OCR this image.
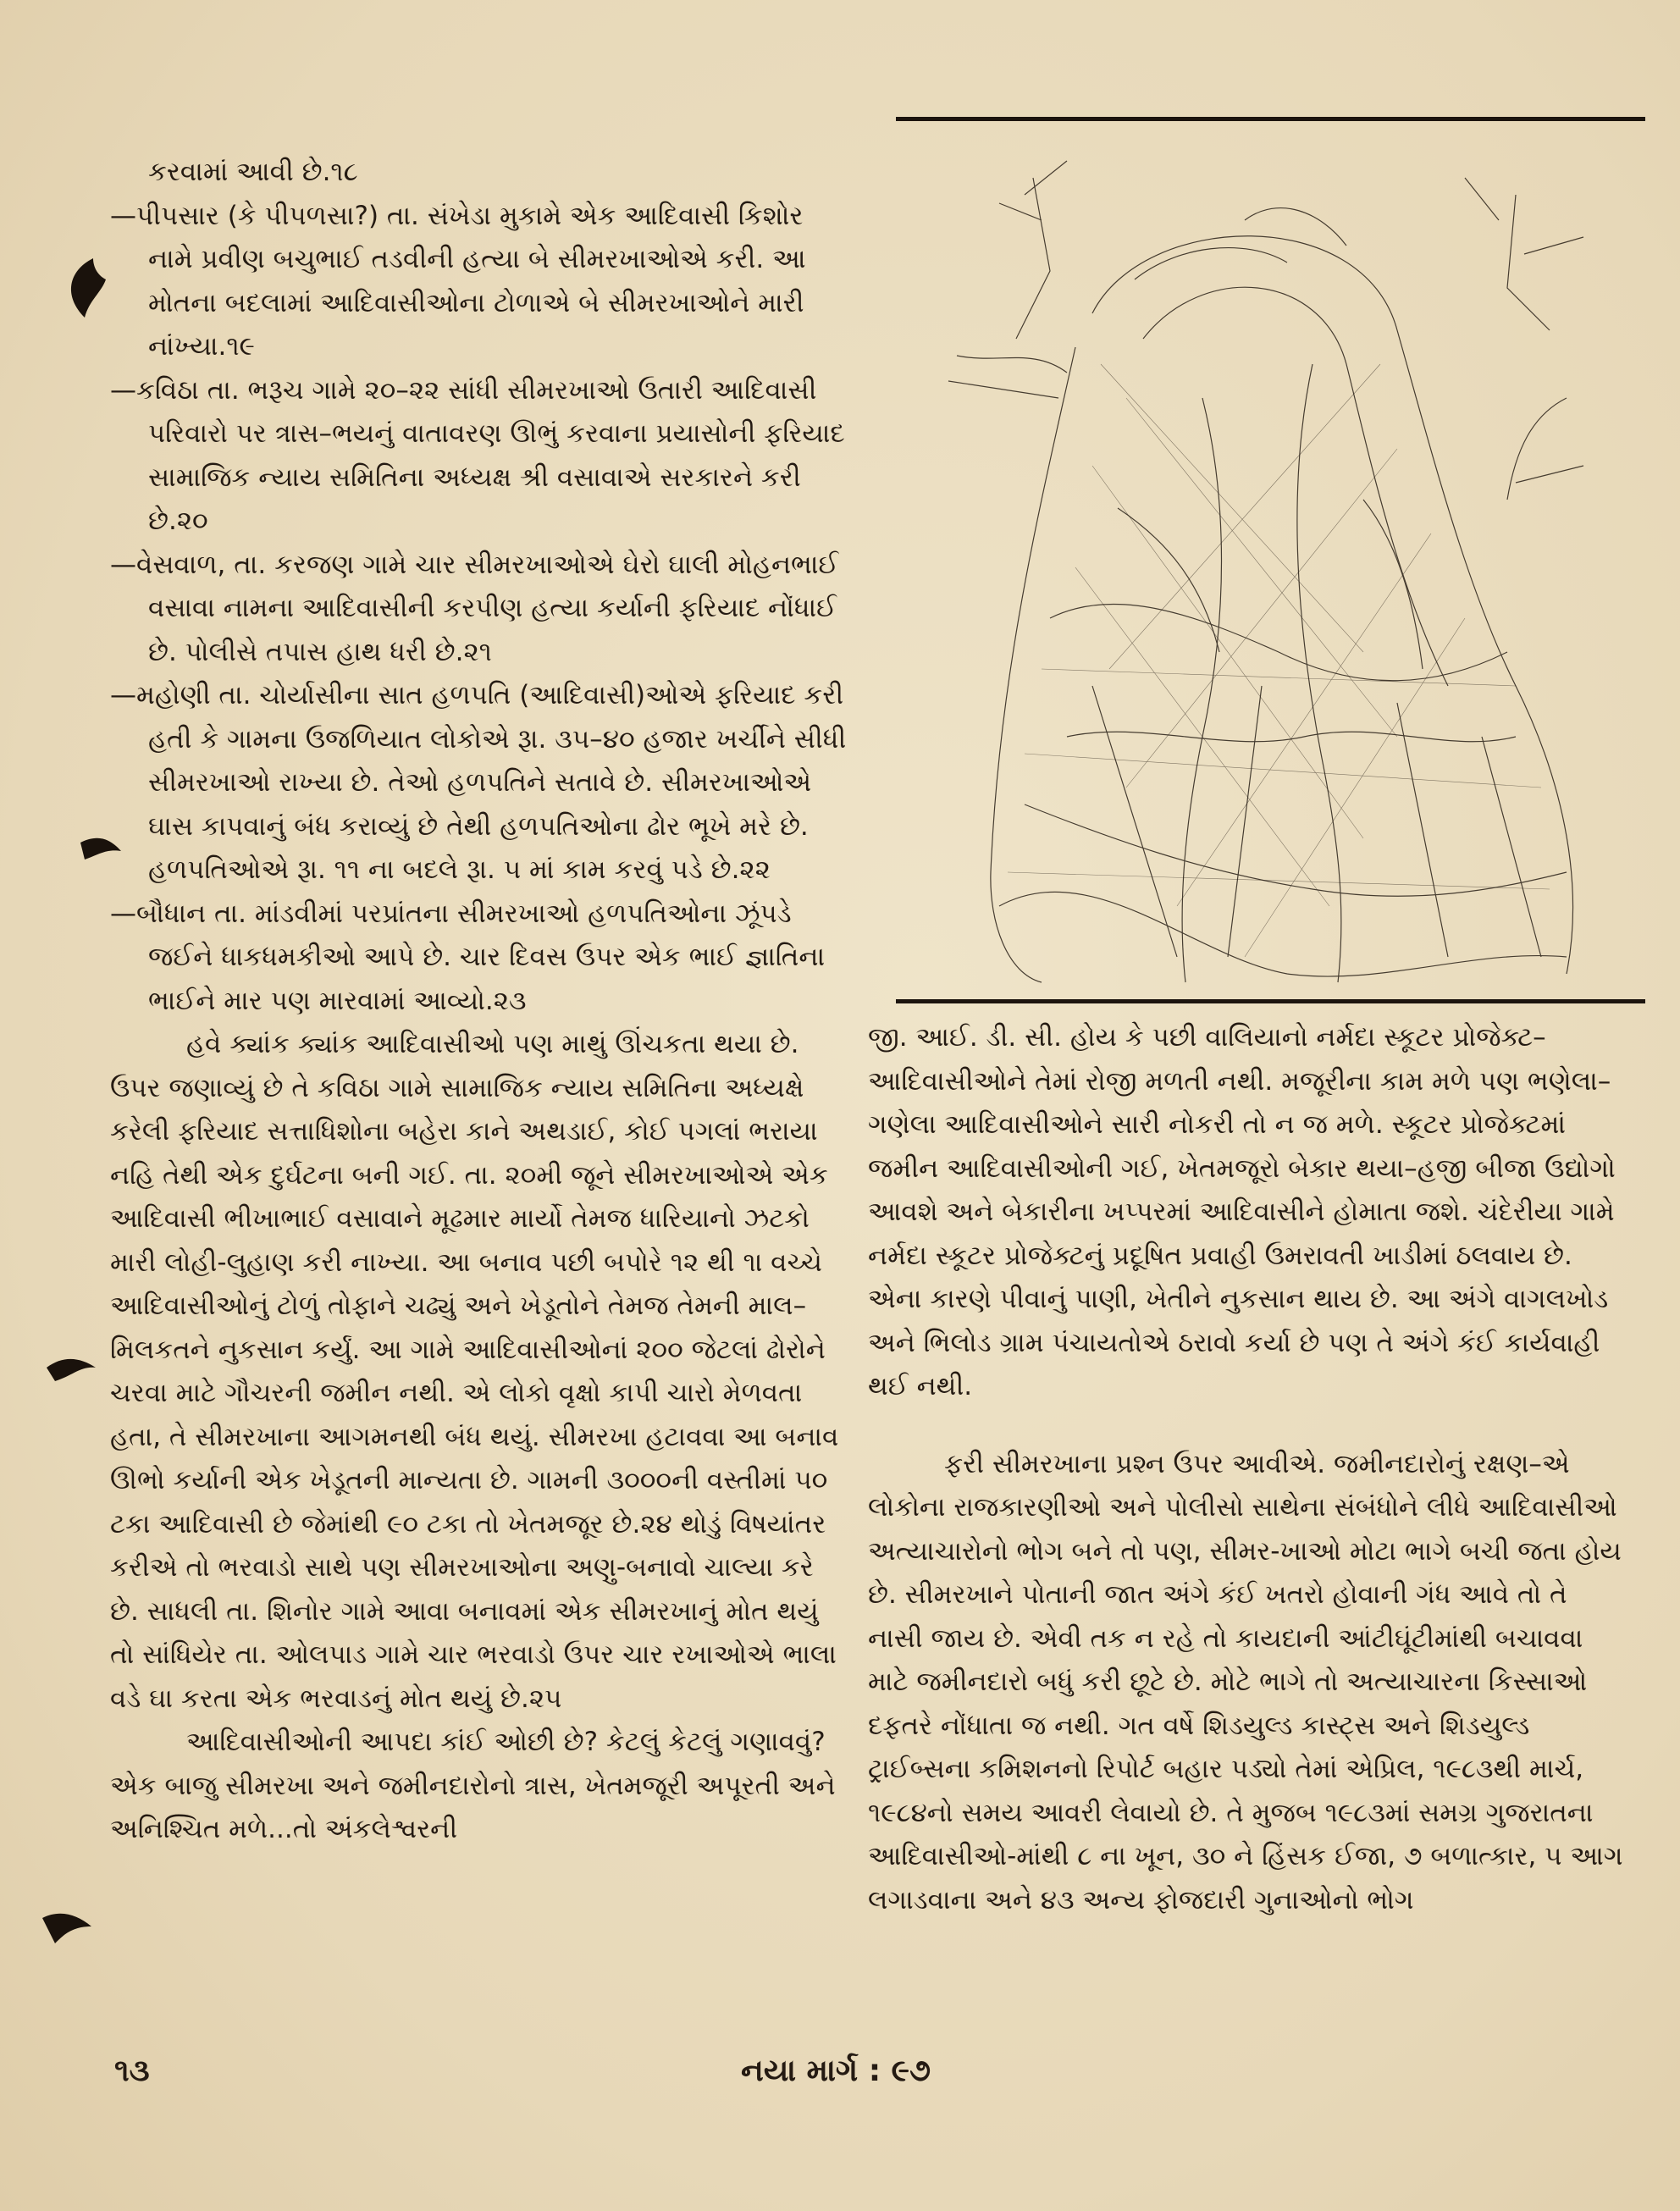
કરવામાં આવી છે.૧૮

—પીપસાર (કે પીપળસા?) તા. સંખેડા મુકામે એક આદિવાસી કિશોર નામે પ્રવીણ બચુભાઈ તડવીની હત્યા બે સીમરખાઓએ કરી. આ મોતના બદલામાં આદિવાસીઓના ટોળાએ બે સીમરખાઓને મારી નાંખ્યા.૧૯

—કવિઠા તા. ભરૂચ ગામે ૨૦–૨૨ સાંધી સીમરખાઓ ઉતારી આદિવાસી પરિવારો પર ત્રાસ–ભયનું વાતાવરણ ઊભું કરવાના પ્રયાસોની ફરિયાદ સામાજિક ન્યાય સમિતિના અધ્યક્ષ શ્રી વસાવાએ સરકારને કરી છે.૨૦

—વેસવાળ, તા. કરજણ ગામે ચાર સીમરખાઓએ ઘેરો ઘાલી મોહનભાઈ વસાવા નામના આદિવાસીની કરપીણ હત્યા કર્યાની ફરિયાદ નોંધાઈ છે. પોલીસે તપાસ હાથ ધરી છે.૨૧

—મહોણી તા. ચોર્યાસીના સાત હળપતિ (આદિવાસી)ઓએ ફરિયાદ કરી હતી કે ગામના ઉજળિયાત લોકોએ રૂા. ૩૫–૪૦ હજાર ખર્ચીને સીધી સીમરખાઓ રાખ્યા છે. તેઓ હળપતિને સતાવે છે. સીમરખાઓએ ઘાસ કાપવાનું બંધ કરાવ્યું છે તેથી હળપતિઓના ઢોર ભૂખે મરે છે. હળપતિઓએ રૂા. ૧૧ ના બદલે રૂા. ૫ માં કામ કરવું પડે છે.૨૨

—બૌધાન તા. માંડવીમાં પરપ્રાંતના સીમરખાઓ હળપતિઓના ઝૂંપડે જઈને ધાકધમકીઓ આપે છે. ચાર દિવસ ઉપર એક ભાઈ જ્ઞાતિના ભાઈને માર પણ મારવામાં આવ્યો.૨૩

હવે ક્યાંક ક્યાંક આદિવાસીઓ પણ માથું ઊંચકતા થયા છે. ઉપર જણાવ્યું છે તે કવિઠા ગામે સામાજિક ન્યાય સમિતિના અધ્યક્ષે કરેલી ફરિયાદ સત્તાધિશોના બહેરા કાને અથડાઈ, કોઈ પગલાં ભરાયા નહિ તેથી એક દુર્ઘટના બની ગઈ. તા. ૨૦મી જૂને સીમરખાઓએ એક આદિવાસી ભીખાભાઈ વસાવાને મૂઢમાર માર્યો તેમજ ધારિયાનો ઝટકો મારી લોહી-લુહાણ કરી નાખ્યા. આ બનાવ પછી બપોરે ૧૨ થી ૧ા વચ્ચે આદિવાસીઓનું ટોળું તોફાને ચઢ્યું અને ખેડૂતોને તેમજ તેમની માલ–મિલકતને નુકસાન કર્યું. આ ગામે આદિવાસીઓનાં ૨૦૦ જેટલાં ઢોરોને ચરવા માટે ગૌચરની જમીન નથી. એ લોકો વૃક્ષો કાપી ચારો મેળવતા હતા, તે સીમરખાના આગમનથી બંધ થયું. સીમરખા હટાવવા આ બનાવ ઊભો કર્યાની એક ખેડૂતની માન્યતા છે. ગામની ૩૦૦૦ની વસ્તીમાં ૫૦ ટકા આદિવાસી છે જેમાંથી ૯૦ ટકા તો ખેતમજૂર છે.૨૪ થોડું વિષયાંતર કરીએ તો ભરવાડો સાથે પણ સીમરખાઓના અણુ-બનાવો ચાલ્યા કરે છે. સાધલી તા. શિનોર ગામે આવા બનાવમાં એક સીમરખાનું મોત થયું તો સાંધિયેર તા. ઓલપાડ ગામે ચાર ભરવાડો ઉપર ચાર રખાઓએ ભાલા વડે ઘા કરતા એક ભરવાડનું મોત થયું છે.૨૫

આદિવાસીઓની આપદા કાંઈ ઓછી છે? કેટલું કેટલું ગણાવવું? એક બાજુ સીમરખા અને જમીનદારોનો ત્રાસ, ખેતમજૂરી અપૂરતી અને અનિશ્ચિત મળે...તો અંકલેશ્વરની

જી. આઈ. ડી. સી. હોય કે પછી વાલિયાનો નર્મદા સ્કૂટર પ્રોજેક્ટ–આદિવાસીઓને તેમાં રોજી મળતી નથી. મજૂરીના કામ મળે પણ ભણેલા–ગણેલા આદિવાસીઓને સારી નોકરી તો ન જ મળે. સ્કૂટર પ્રોજેક્ટમાં જમીન આદિવાસીઓની ગઈ, ખેતમજૂરો બેકાર થયા–હજી બીજા ઉદ્યોગો આવશે અને બેકારીના ખપ્પરમાં આદિવાસીને હોમાતા જશે. ચંદેરીયા ગામે નર્મદા સ્કૂટર પ્રોજેક્ટનું પ્રદૂષિત પ્રવાહી ઉમરાવતી ખાડીમાં ઠલવાય છે. એના કારણે પીવાનું પાણી, ખેતીને નુકસાન થાય છે. આ અંગે વાગલખોડ અને ભિલોડ ગ્રામ પંચાયતોએ ઠરાવો કર્યા છે પણ તે અંગે કંઈ કાર્યવાહી થઈ નથી.

ફરી સીમરખાના પ્રશ્ન ઉપર આવીએ. જમીનદારોનું રક્ષણ–એ લોકોના રાજકારણીઓ અને પોલીસો સાથેના સંબંધોને લીધે આદિવાસીઓ અત્યાચારોનો ભોગ બને તો પણ, સીમર-ખાઓ મોટા ભાગે બચી જતા હોય છે. સીમરખાને પોતાની જાત અંગે કંઈ ખતરો હોવાની ગંધ આવે તો તે નાસી જાય છે. એવી તક ન રહે તો કાયદાની આંટીઘૂંટીમાંથી બચાવવા માટે જમીનદારો બધું કરી છૂટે છે. મોટે ભાગે તો અત્યાચારના કિસ્સાઓ દફતરે નોંધાતા જ નથી. ગત વર્ષે શિડયુલ્ડ કાસ્ટ્સ અને શિડયુલ્ડ ટ્રાઈબ્સના કમિશનનો રિપોર્ટ બહાર પડ્યો તેમાં એપ્રિલ, ૧૯૮૩થી માર્ચ, ૧૯૮૪નો સમય આવરી લેવાયો છે. તે મુજબ ૧૯૮૩માં સમગ્ર ગુજરાતના આદિવાસીઓ-માંથી ૮ ના ખૂન, ૩૦ ને હિંસક ઈજા, ૭ બળાત્કાર, ૫ આગ લગાડવાના અને ૪૩ અન્ય ફોજદારી ગુનાઓનો ભોગ

૧૩	નયા માર્ગ : ૯૭
